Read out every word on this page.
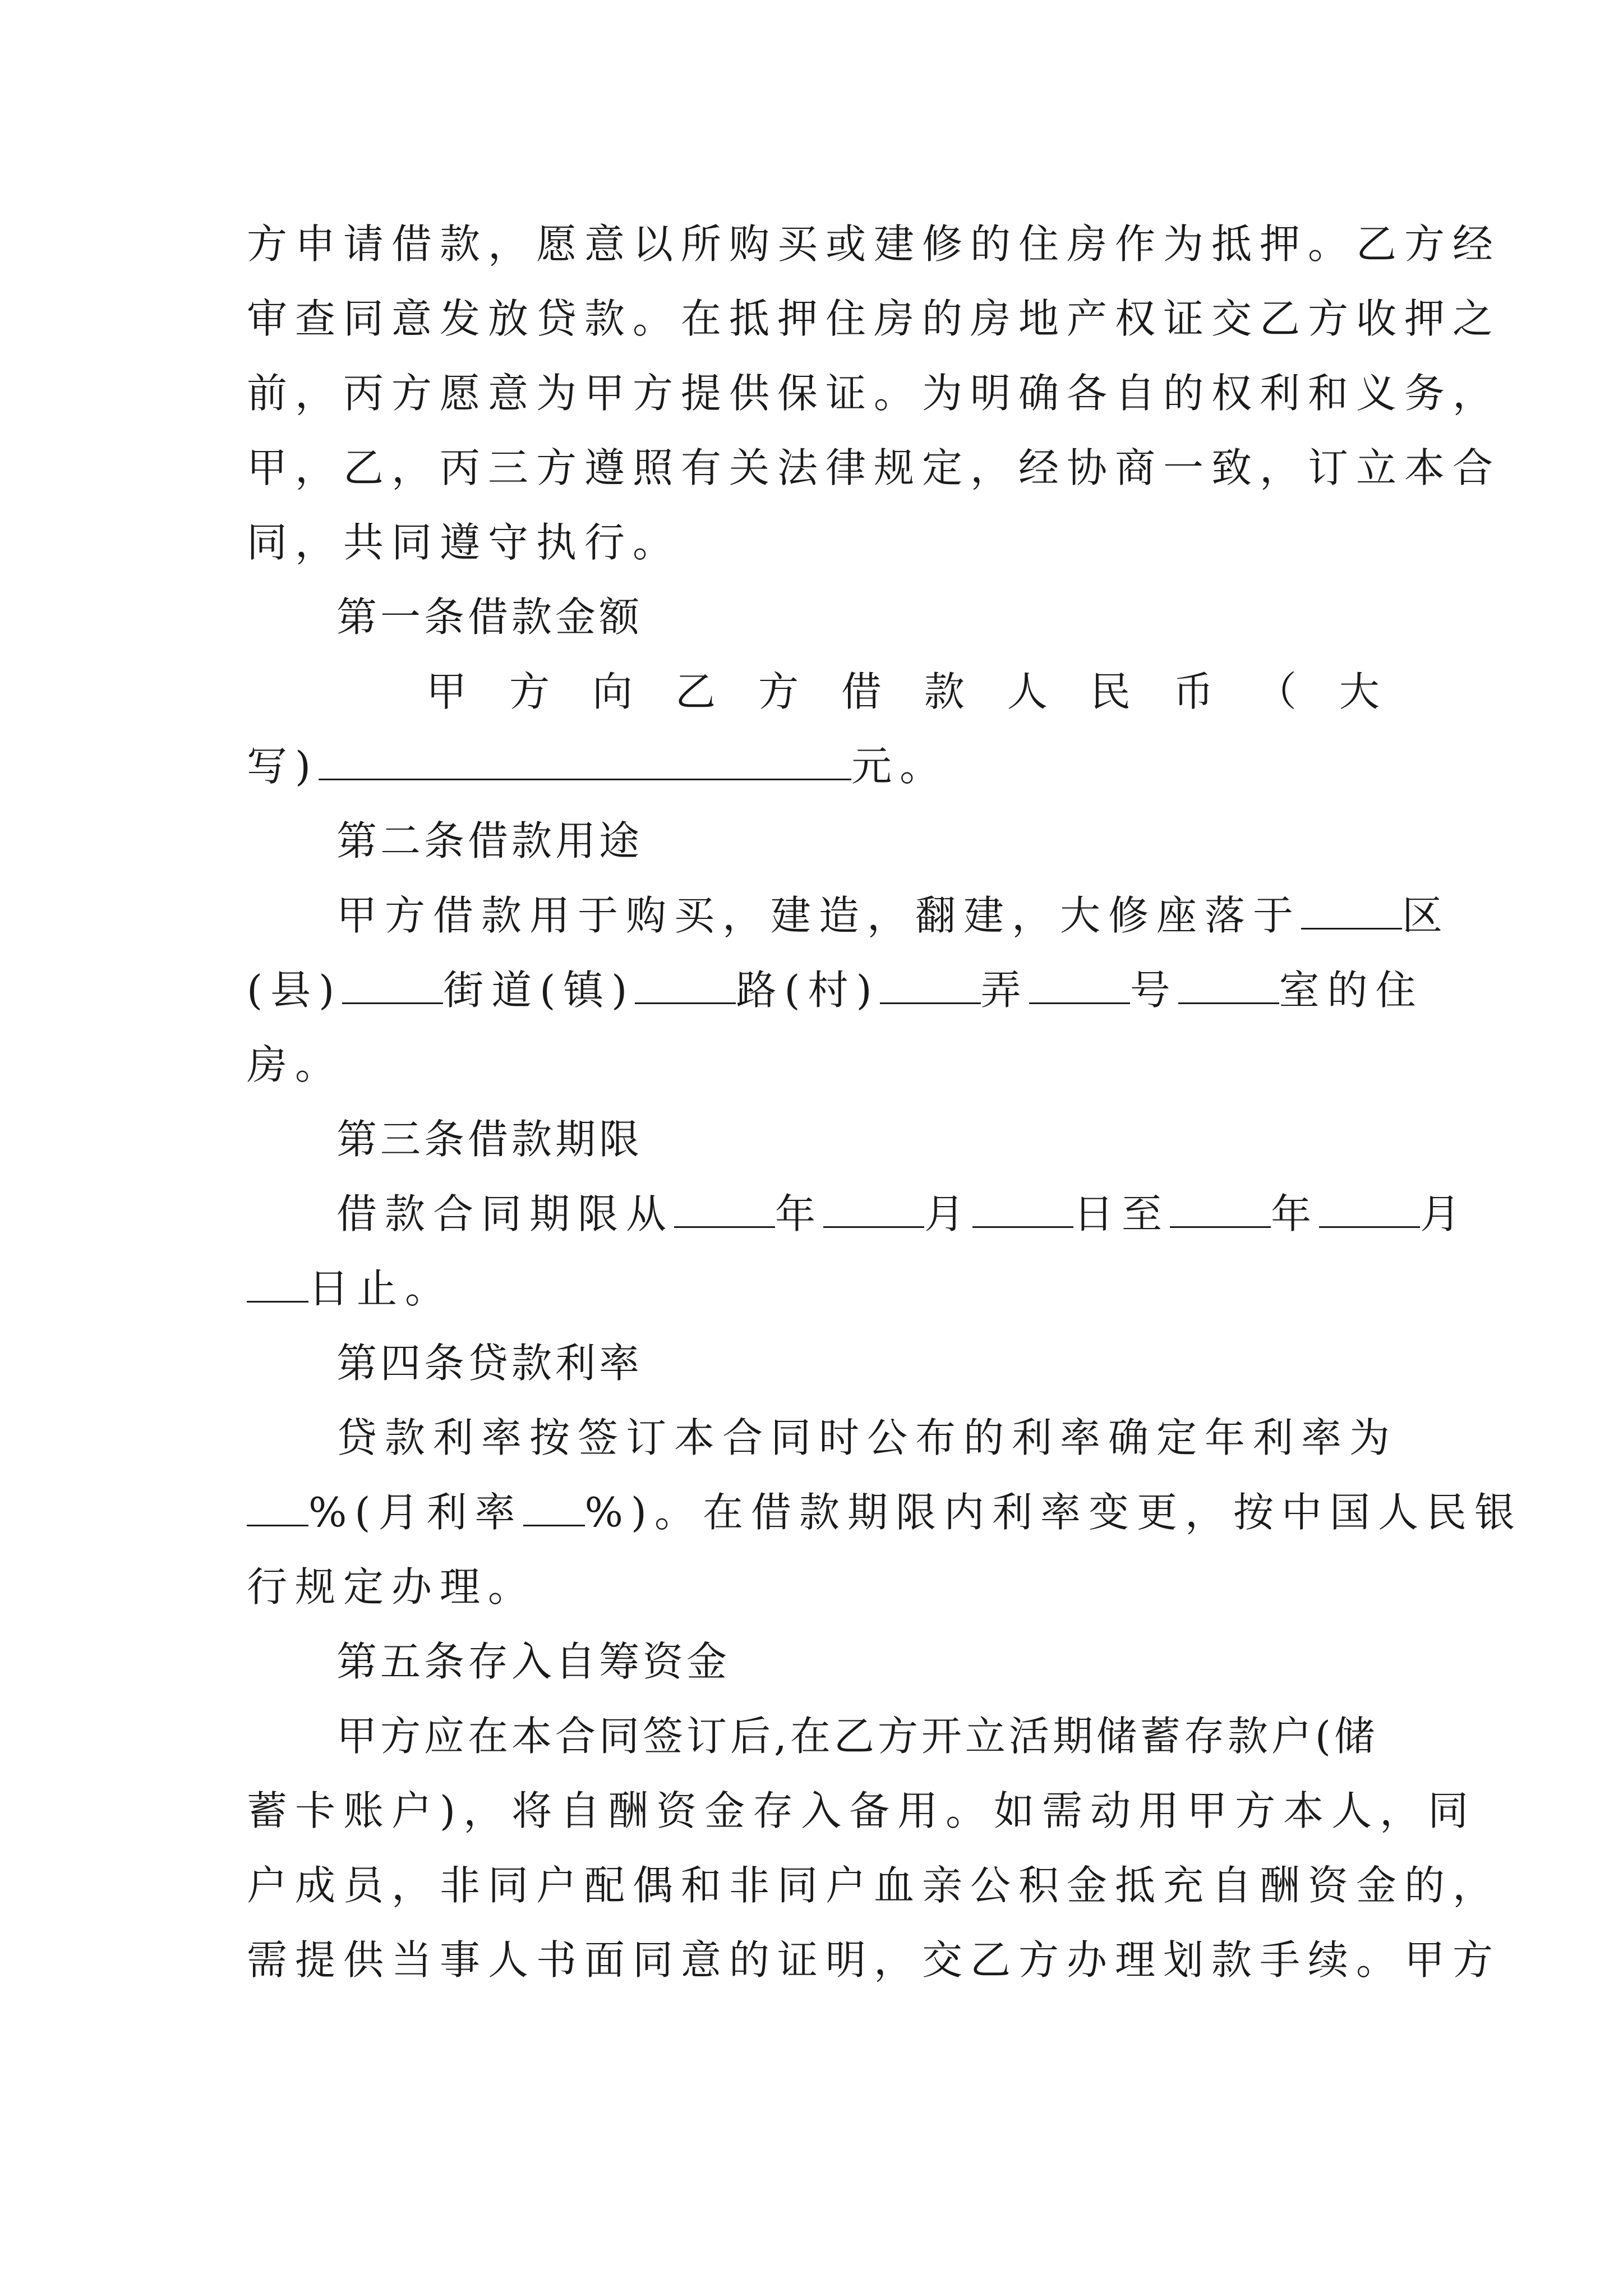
方申请借款，愿意以所购买或建修的住房作为抵押。乙方经
审查同意发放贷款。在抵押住房的房地产权证交乙方收押之
前，丙方愿意为甲方提供保证。为明确各自的权利和义务，
甲，乙，丙三方遵照有关法律规定，经协商一致，订立本合
同，共同遵守执行。
第一条借款金额
甲 方 向 乙 方 借 款 人 民 币 （ 大
写)	元。
第二条借款用途
甲方借款用于购买，建造，翻建，大修座落于	区
(县)	街道(镇)	路(村)	弄	号	室的住
房。
第三条借款期限
借款合同期限从	年	月	日至	年	月
日止。
第四条贷款利率
贷款利率按签订本合同时公布的利率确定年利率为
%(月利率 %)。在借款期限内利率变更，按中国人民银
行规定办理。
第五条存入自筹资金
甲方应在本合同签订后,在乙方开立活期储蓄存款户(储
蓄卡账户)，将自酬资金存入备用。如需动用甲方本人，同
户成员，非同户配偶和非同户血亲公积金抵充自酬资金的，
需提供当事人书面同意的证明，交乙方办理划款手续。甲方
